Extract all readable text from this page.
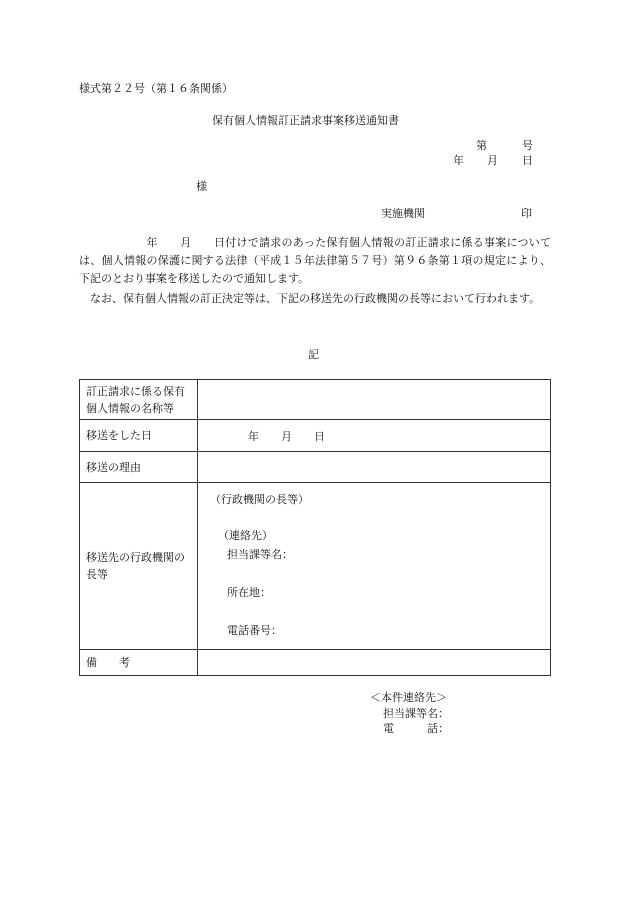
様式第２２号（第１６条関係）
保有個人情報訂正請求事案移送通知書
第	号
年 月 日
様
実施機関	印
　　　　　　年　　月　　日付けで請求のあった保有個人情報の訂正請求に係る事案については、個人情報の保護に関する法律（平成１５年法律第５７号）第９６条第１項の規定により、下記のとおり事案を移送したので通知します。
　なお、保有個人情報の訂正決定等は、下記の移送先の行政機関の長等において行われます。
記
訂正請求に係る保有個人情報の名称等	
移送をした日	年　　月　　日
移送の理由	
移送先の行政機関の長等	（行政機関の長等）
（連絡先）
担当課等名：
所在地：
電話番号：

備　　考	
＜本件連絡先＞
担当課等名：
電　　　話：
